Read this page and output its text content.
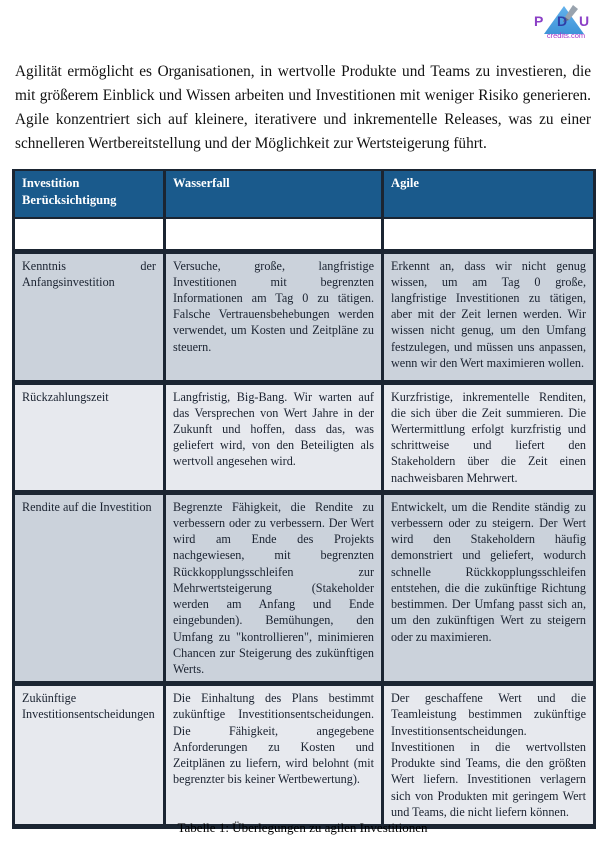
P D U
credits.com

Agilität ermöglicht es Organisationen, in wertvolle Produkte und Teams zu investieren, die mit größerem Einblick und Wissen arbeiten und Investitionen mit weniger Risiko generieren. Agile konzentriert sich auf kleinere, iterativere und inkrementelle Releases, was zu einer schnelleren Wertbereitstellung und der Möglichkeit zur Wertsteigerung führt.

Investition Berücksichtigung	Wasserfall	Agile

Kenntnis der Anfangsinvestition	Versuche, große, langfristige Investitionen mit begrenzten Informationen am Tag 0 zu tätigen. Falsche Vertrauensbehebungen werden verwendet, um Kosten und Zeitpläne zu steuern.	Erkennt an, dass wir nicht genug wissen, um am Tag 0 große, langfristige Investitionen zu tätigen, aber mit der Zeit lernen werden. Wir wissen nicht genug, um den Umfang festzulegen, und müssen uns anpassen, wenn wir den Wert maximieren wollen.
Rückzahlungszeit	Langfristig, Big-Bang. Wir warten auf das Versprechen von Wert Jahre in der Zukunft und hoffen, dass das, was geliefert wird, von den Beteiligten als wertvoll angesehen wird.	Kurzfristige, inkrementelle Renditen, die sich über die Zeit summieren. Die Wertermittlung erfolgt kurzfristig und schrittweise und liefert den Stakeholdern über die Zeit einen nachweisbaren Mehrwert.
Rendite auf die Investition	Begrenzte Fähigkeit, die Rendite zu verbessern oder zu verbessern. Der Wert wird am Ende des Projekts nachgewiesen, mit begrenzten Rückkopplungsschleifen zur Mehrwertsteigerung (Stakeholder werden am Anfang und Ende eingebunden). Bemühungen, den Umfang zu "kontrollieren", minimieren Chancen zur Steigerung des zukünftigen Werts.	Entwickelt, um die Rendite ständig zu verbessern oder zu steigern. Der Wert wird den Stakeholdern häufig demonstriert und geliefert, wodurch schnelle Rückkopplungsschleifen entstehen, die die zukünftige Richtung bestimmen. Der Umfang passt sich an, um den zukünftigen Wert zu steigern oder zu maximieren.
Zukünftige Investitionsentscheidungen	Die Einhaltung des Plans bestimmt zukünftige Investitionsentscheidungen. Die Fähigkeit, angegebene Anforderungen zu Kosten und Zeitplänen zu liefern, wird belohnt (mit begrenzter bis keiner Wertbewertung).	Der geschaffene Wert und die Teamleistung bestimmen zukünftige Investitionsentscheidungen. Investitionen in die wertvollsten Produkte sind Teams, die den größten Wert liefern. Investitionen verlagern sich von Produkten mit geringem Wert und Teams, die nicht liefern können.
Tabelle 1: Überlegungen zu agilen Investitionen
